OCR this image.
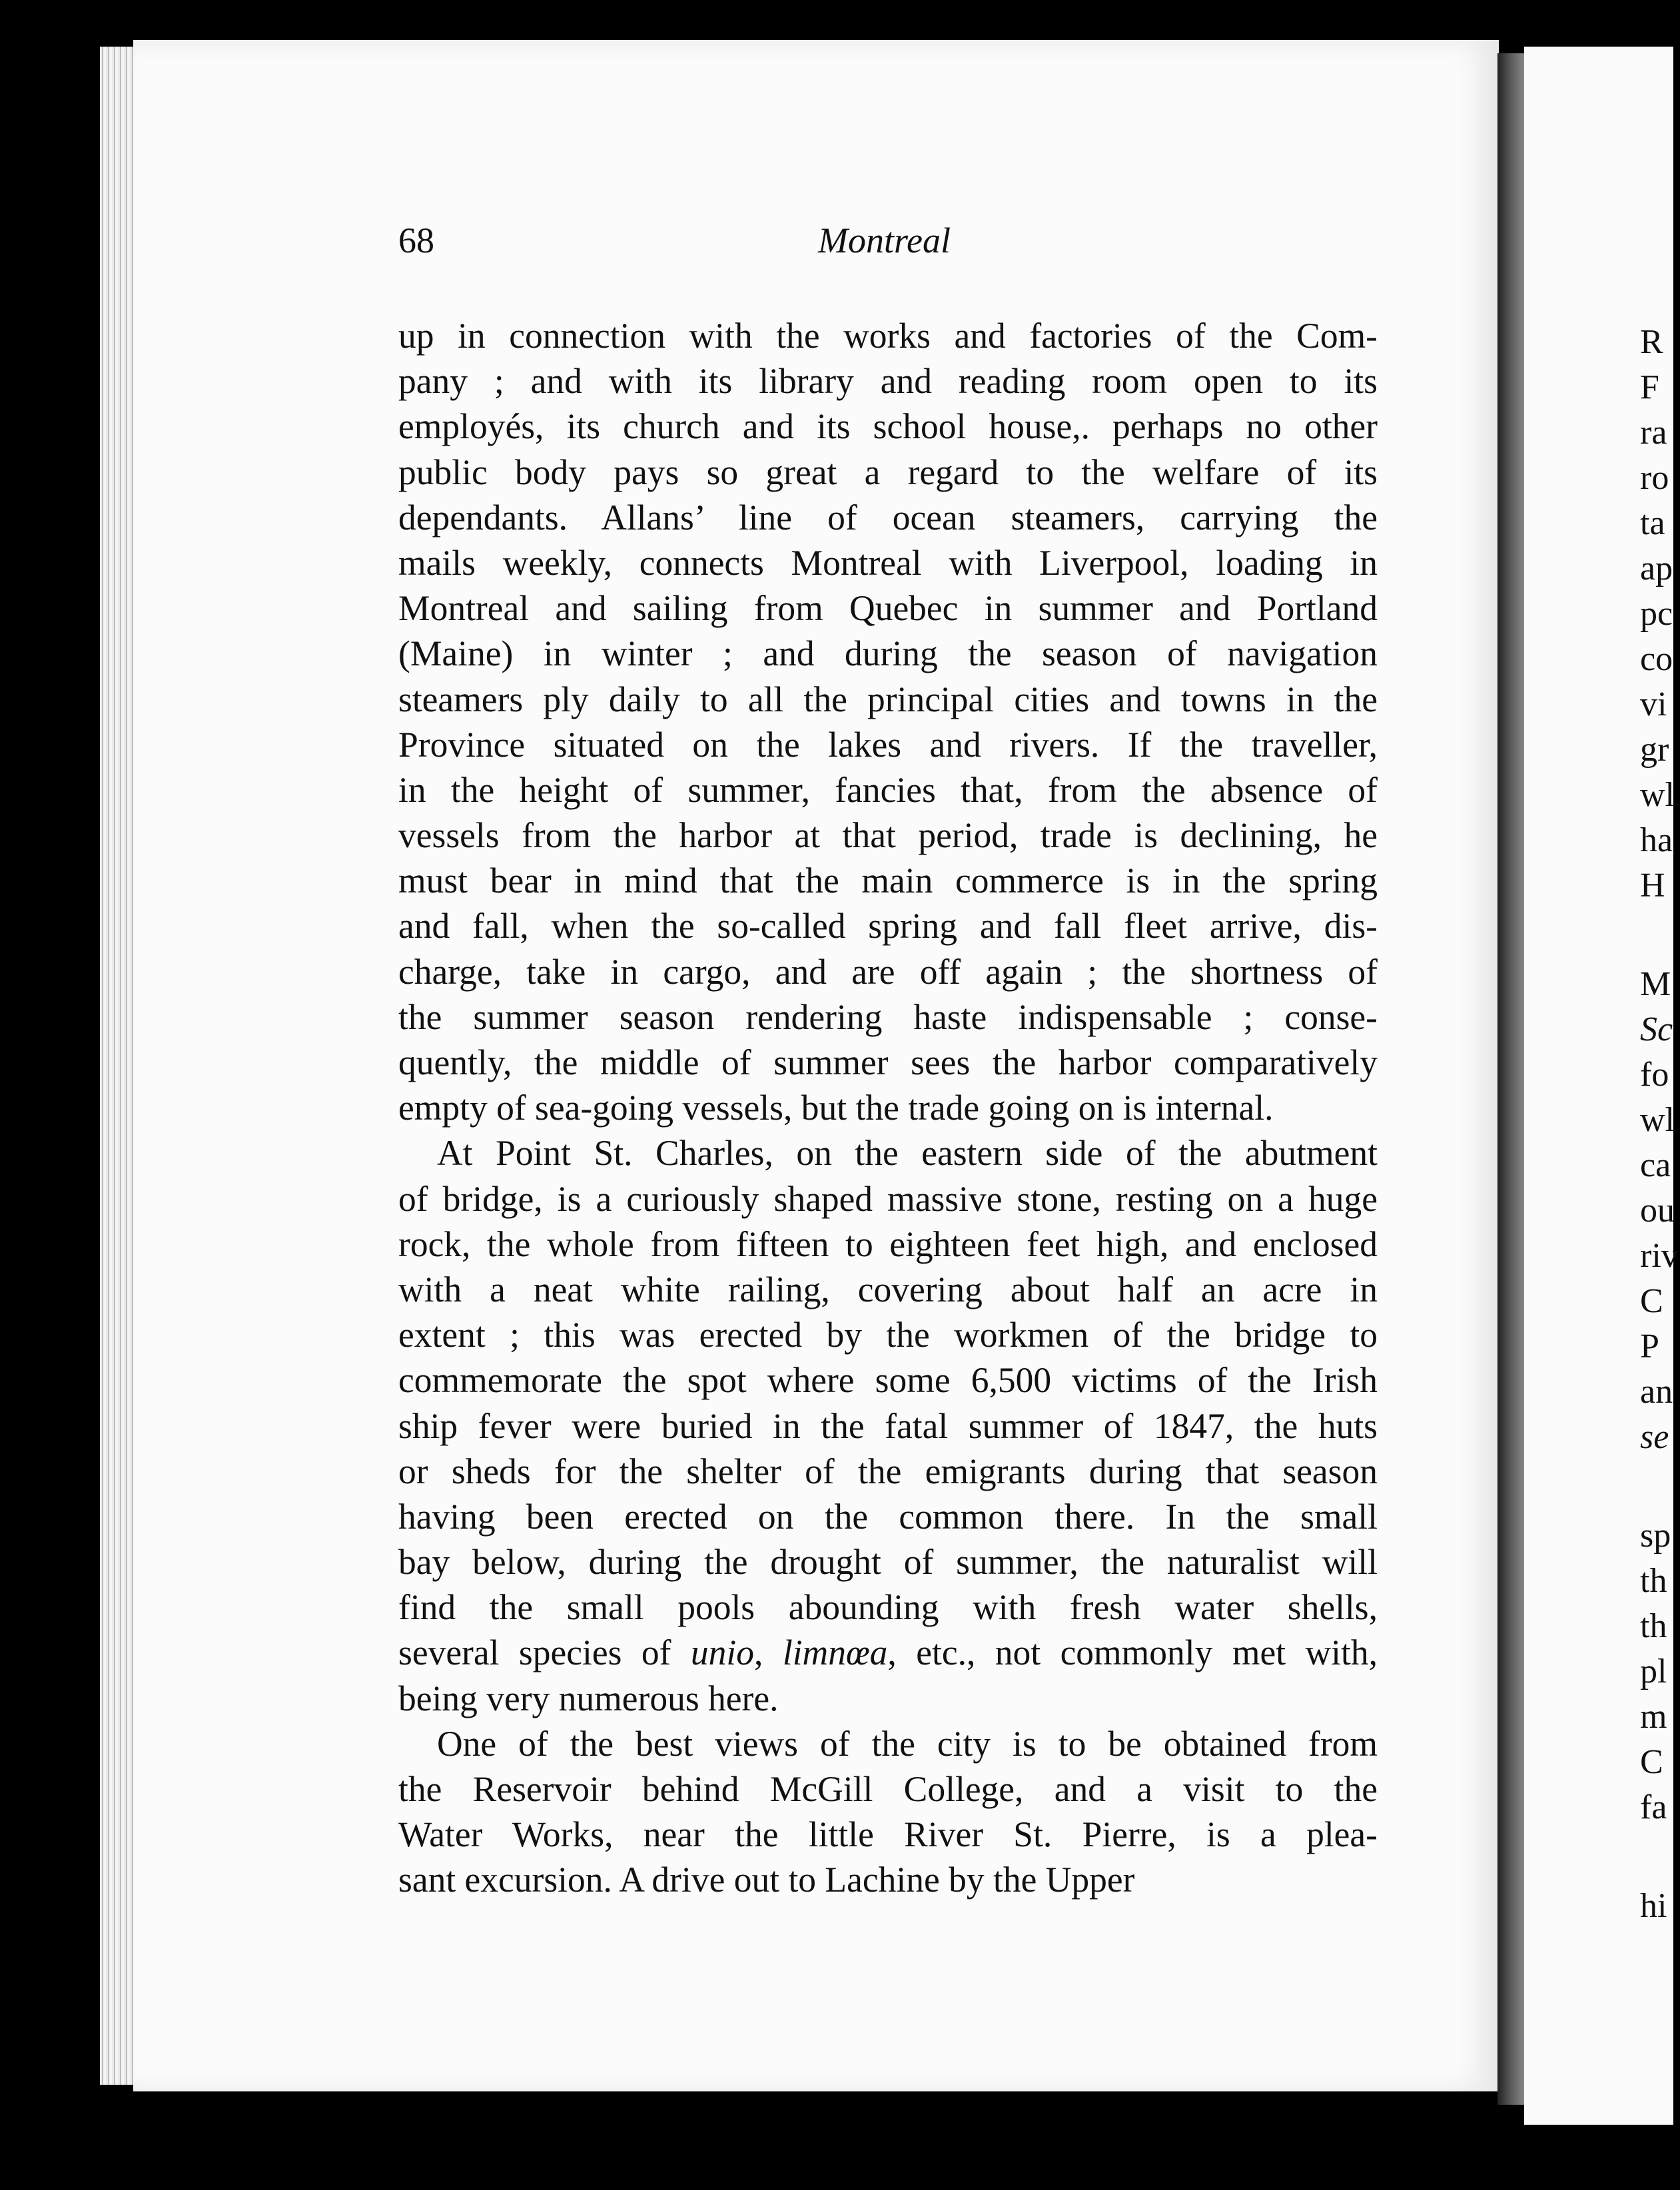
68	Montreal
up in connection with the works and factories of the Com-
pany ; and with its library and reading room open to its
employés, its church and its school house,. perhaps no other
public body pays so great a regard to the welfare of its
dependants. Allans’ line of ocean steamers, carrying the
mails weekly, connects Montreal with Liverpool, loading in
Montreal and sailing from Quebec in summer and Portland
(Maine) in winter ; and during the season of navigation
steamers ply daily to all the principal cities and towns in the
Province situated on the lakes and rivers. If the traveller,
in the height of summer, fancies that, from the absence of
vessels from the harbor at that period, trade is declining, he
must bear in mind that the main commerce is in the spring
and fall, when the so-called spring and fall fleet arrive, dis-
charge, take in cargo, and are off again ; the shortness of
the summer season rendering haste indispensable ; conse-
quently, the middle of summer sees the harbor comparatively
empty of sea-going vessels, but the trade going on is internal.
At Point St. Charles, on the eastern side of the abutment
of bridge, is a curiously shaped massive stone, resting on a huge
rock, the whole from fifteen to eighteen feet high, and enclosed
with a neat white railing, covering about half an acre in
extent ; this was erected by the workmen of the bridge to
commemorate the spot where some 6,500 victims of the Irish
ship fever were buried in the fatal summer of 1847, the huts
or sheds for the shelter of the emigrants during that season
having been erected on the common there. In the small
bay below, during the drought of summer, the naturalist will
find the small pools abounding with fresh water shells,
several species of unio, limnœa, etc., not commonly met with,
being very numerous here.
One of the best views of the city is to be obtained from
the Reservoir behind McGill College, and a visit to the
Water Works, near the little River St. Pierre, is a plea-
sant excursion. A drive out to Lachine by the Upper
R
F
ra
ro
ta
ap
pc
co
vi
gr
wl
ha
H
M
Sc
fo
wl
ca
ou
riv
C
P
an
se
sp
th
th
pl
m
C
fa
hi
